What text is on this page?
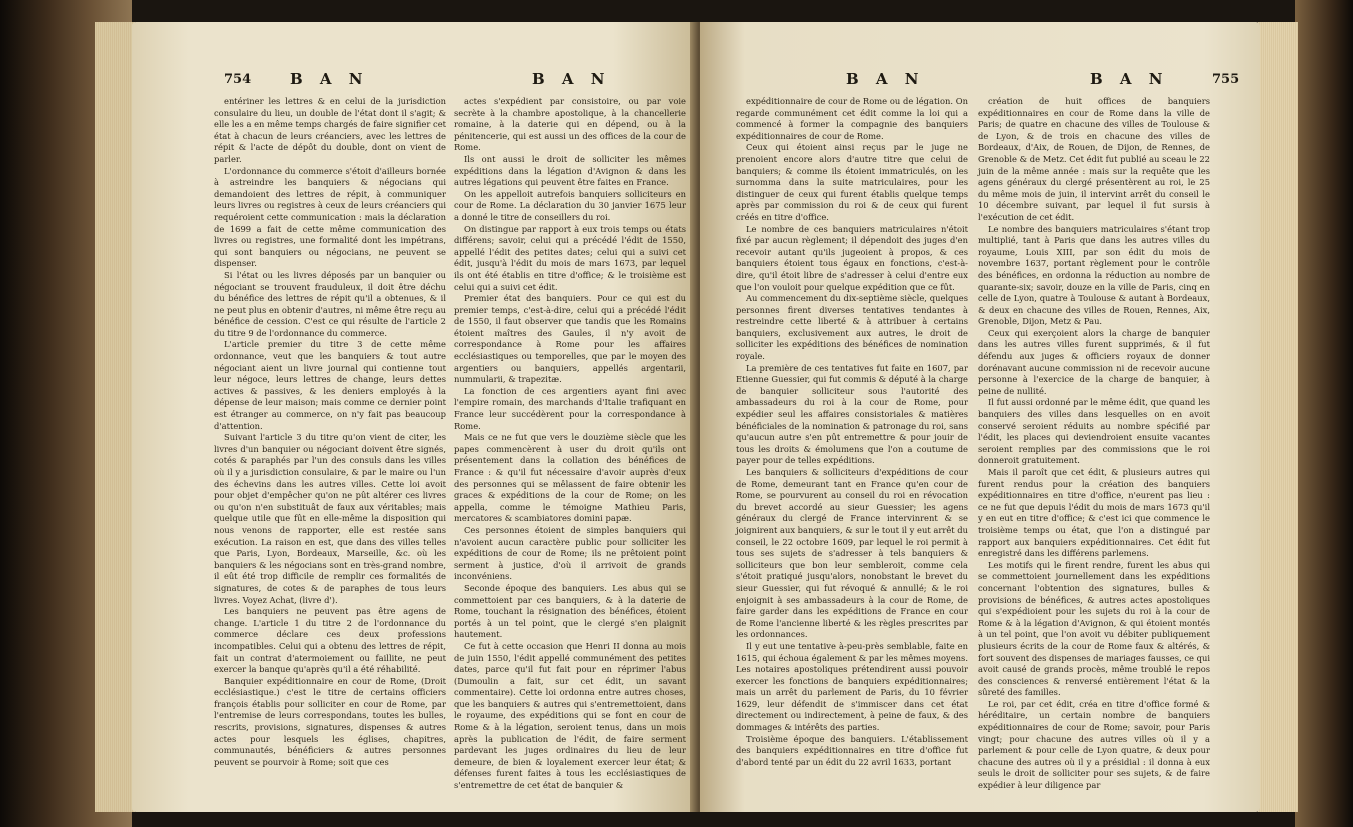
754	B A N	B A N

entériner les lettres & en celui de la jurisdiction consulaire du lieu, un double de l'état dont il s'agit; & elle les a en même temps chargés de faire signifier cet état à chacun de leurs créanciers, avec les lettres de répit & l'acte de dépôt du double, dont on vient de parler.

L'ordonnance du commerce s'étoit d'ailleurs bornée à astreindre les banquiers & négocians qui demandoient des lettres de répit, à communiquer leurs livres ou registres à ceux de leurs créanciers qui requéroient cette communication : mais la déclaration de 1699 a fait de cette même communication des livres ou registres, une formalité dont les impétrans, qui sont banquiers ou négocians, ne peuvent se dispenser.

Si l'état ou les livres déposés par un banquier ou négociant se trouvent frauduleux, il doit être déchu du bénéfice des lettres de répit qu'il a obtenues, & il ne peut plus en obtenir d'autres, ni même être reçu au bénéfice de cession. C'est ce qui résulte de l'article 2 du titre 9 de l'ordonnance du commerce.

L'article premier du titre 3 de cette même ordonnance, veut que les banquiers & tout autre négociant aient un livre journal qui contienne tout leur négoce, leurs lettres de change, leurs dettes actives & passives, & les deniers employés à la dépense de leur maison; mais comme ce dernier point est étranger au commerce, on n'y fait pas beaucoup d'attention.

Suivant l'article 3 du titre qu'on vient de citer, les livres d'un banquier ou négociant doivent être signés, cotés & paraphés par l'un des consuls dans les villes où il y a jurisdiction consulaire, & par le maire ou l'un des échevins dans les autres villes. Cette loi avoit pour objet d'empêcher qu'on ne pût altérer ces livres ou qu'on n'en substituât de faux aux véritables; mais quelque utile que fût en elle-même la disposition qui nous venons de rapporter, elle est restée sans exécution. La raison en est, que dans des villes telles que Paris, Lyon, Bordeaux, Marseille, &c. où les banquiers & les négocians sont en très-grand nombre, il eût été trop difficile de remplir ces formalités de signatures, de cotes & de paraphes de tous leurs livres. Voyez Achat, (livre d').

Les banquiers ne peuvent pas être agens de change. L'article 1 du titre 2 de l'ordonnance du commerce déclare ces deux professions incompatibles. Celui qui a obtenu des lettres de répit, fait un contrat d'atermoiement ou faillite, ne peut exercer la banque qu'après qu'il a été réhabilité.

Banquier expéditionnaire en cour de Rome, (Droit ecclésiastique.) c'est le titre de certains officiers françois établis pour solliciter en cour de Rome, par l'entremise de leurs correspondans, toutes les bulles, rescrits, provisions, signatures, dispenses & autres actes pour lesquels les églises, chapitres, communautés, bénéficiers & autres personnes peuvent se pourvoir à Rome; soit que ces

actes s'expédient par consistoire, ou par voie secrète à la chambre apostolique, à la chancellerie romaine, à la daterie qui en dépend, ou à la pénitencerie, qui est aussi un des offices de la cour de Rome.

Ils ont aussi le droit de solliciter les mêmes expéditions dans la légation d'Avignon & dans les autres légations qui peuvent être faites en France.

On les appelloit autrefois banquiers solliciteurs en cour de Rome. La déclaration du 30 janvier 1675 leur a donné le titre de conseillers du roi.

On distingue par rapport à eux trois temps ou états différens; savoir, celui qui a précédé l'édit de 1550, appellé l'édit des petites dates; celui qui a suivi cet édit, jusqu'à l'édit du mois de mars 1673, par lequel ils ont été établis en titre d'office; & le troisième est celui qui a suivi cet édit.

Premier état des banquiers. Pour ce qui est du premier temps, c'est-à-dire, celui qui a précédé l'édit de 1550, il faut observer que tandis que les Romains étoient maîtres des Gaules, il n'y avoit de correspondance à Rome pour les affaires ecclésiastiques ou temporelles, que par le moyen des argentiers ou banquiers, appellés argentarii, nummularii, & trapezitæ.

La fonction de ces argentiers ayant fini avec l'empire romain, des marchands d'Italie trafiquant en France leur succédèrent pour la correspondance à Rome.

Mais ce ne fut que vers le douzième siècle que les papes commencèrent à user du droit qu'ils ont présentement dans la collation des bénéfices de France : & qu'il fut nécessaire d'avoir auprès d'eux des personnes qui se mêlassent de faire obtenir les graces & expéditions de la cour de Rome; on les appella, comme le témoigne Mathieu Paris, mercatores & scambiatores domini papæ.

Ces personnes étoient de simples banquiers qui n'avoient aucun caractère public pour solliciter les expéditions de cour de Rome; ils ne prêtoient point serment à justice, d'où il arrivoit de grands inconvéniens.

Seconde époque des banquiers. Les abus qui se commettoient par ces banquiers, & à la daterie de Rome, touchant la résignation des bénéfices, étoient portés à un tel point, que le clergé s'en plaignit hautement.

Ce fut à cette occasion que Henri II donna au mois de juin 1550, l'édit appellé communément des petites dates, parce qu'il fut fait pour en réprimer l'abus (Dumoulin a fait, sur cet édit, un savant commentaire). Cette loi ordonna entre autres choses, que les banquiers & autres qui s'entremettoient, dans le royaume, des expéditions qui se font en cour de Rome & à la légation, seroient tenus, dans un mois après la publication de l'édit, de faire serment pardevant les juges ordinaires du lieu de leur demeure, de bien & loyalement exercer leur état; & défenses furent faites à tous les ecclésiastiques de s'entremettre de cet état de banquier &

B A N	B A N	755

expéditionnaire de cour de Rome ou de légation. On regarde communément cet édit comme la loi qui a commencé à former la compagnie des banquiers expéditionnaires de cour de Rome.

Ceux qui étoient ainsi reçus par le juge ne prenoient encore alors d'autre titre que celui de banquiers; & comme ils étoient immatriculés, on les surnomma dans la suite matriculaires, pour les distinguer de ceux qui furent établis quelque temps après par commission du roi & de ceux qui furent créés en titre d'office.

Le nombre de ces banquiers matriculaires n'étoit fixé par aucun règlement; il dépendoit des juges d'en recevoir autant qu'ils jugeoient à propos, & ces banquiers étoient tous égaux en fonctions, c'est-à-dire, qu'il étoit libre de s'adresser à celui d'entre eux que l'on vouloit pour quelque expédition que ce fût.

Au commencement du dix-septième siècle, quelques personnes firent diverses tentatives tendantes à restreindre cette liberté & à attribuer à certains banquiers, exclusivement aux autres, le droit de solliciter les expéditions des bénéfices de nomination royale.

La première de ces tentatives fut faite en 1607, par Etienne Guessier, qui fut commis & député à la charge de banquier solliciteur sous l'autorité des ambassadeurs du roi à la cour de Rome, pour expédier seul les affaires consistoriales & matières bénéficiales de la nomination & patronage du roi, sans qu'aucun autre s'en pût entremettre & pour jouir de tous les droits & émolumens que l'on a coutume de payer pour de telles expéditions.

Les banquiers & solliciteurs d'expéditions de cour de Rome, demeurant tant en France qu'en cour de Rome, se pourvurent au conseil du roi en révocation du brevet accordé au sieur Guessier; les agens généraux du clergé de France intervinrent & se joignirent aux banquiers, & sur le tout il y eut arrêt du conseil, le 22 octobre 1609, par lequel le roi permit à tous ses sujets de s'adresser à tels banquiers & solliciteurs que bon leur sembleroit, comme cela s'étoit pratiqué jusqu'alors, nonobstant le brevet du sieur Guessier, qui fut révoqué & annullé; & le roi enjoignit à ses ambassadeurs à la cour de Rome, de faire garder dans les expéditions de France en cour de Rome l'ancienne liberté & les règles prescrites par les ordonnances.

Il y eut une tentative à-peu-près semblable, faite en 1615, qui échoua également & par les mêmes moyens. Les notaires apostoliques prétendirent aussi pouvoir exercer les fonctions de banquiers expéditionnaires; mais un arrêt du parlement de Paris, du 10 février 1629, leur défendit de s'immiscer dans cet état directement ou indirectement, à peine de faux, & des dommages & intérêts des parties.

Troisième époque des banquiers. L'établissement des banquiers expéditionnaires en titre d'office fut d'abord tenté par un édit du 22 avril 1633, portant

création de huit offices de banquiers expéditionnaires en cour de Rome dans la ville de Paris; de quatre en chacune des villes de Toulouse & de Lyon, & de trois en chacune des villes de Bordeaux, d'Aix, de Rouen, de Dijon, de Rennes, de Grenoble & de Metz. Cet édit fut publié au sceau le 22 juin de la même année : mais sur la requête que les agens généraux du clergé présentèrent au roi, le 25 du même mois de juin, il intervint arrêt du conseil le 10 décembre suivant, par lequel il fut sursis à l'exécution de cet édit.

Le nombre des banquiers matriculaires s'étant trop multiplié, tant à Paris que dans les autres villes du royaume, Louis XIII, par son édit du mois de novembre 1637, portant règlement pour le contrôle des bénéfices, en ordonna la réduction au nombre de quarante-six; savoir, douze en la ville de Paris, cinq en celle de Lyon, quatre à Toulouse & autant à Bordeaux, & deux en chacune des villes de Rouen, Rennes, Aix, Grenoble, Dijon, Metz & Pau.

Ceux qui exerçoient alors la charge de banquier dans les autres villes furent supprimés, & il fut défendu aux juges & officiers royaux de donner dorénavant aucune commission ni de recevoir aucune personne à l'exercice de la charge de banquier, à peine de nullité.

Il fut aussi ordonné par le même édit, que quand les banquiers des villes dans lesquelles on en avoit conservé seroient réduits au nombre spécifié par l'édit, les places qui deviendroient ensuite vacantes seroient remplies par des commissions que le roi donneroit gratuitement.

Mais il paroît que cet édit, & plusieurs autres qui furent rendus pour la création des banquiers expéditionnaires en titre d'office, n'eurent pas lieu : ce ne fut que depuis l'édit du mois de mars 1673 qu'il y en eut en titre d'office; & c'est ici que commence le troisième temps ou état, que l'on a distingué par rapport aux banquiers expéditionnaires. Cet édit fut enregistré dans les différens parlemens.

Les motifs qui le firent rendre, furent les abus qui se commettoient journellement dans les expéditions concernant l'obtention des signatures, bulles & provisions de bénéfices, & autres actes apostoliques qui s'expédioient pour les sujets du roi à la cour de Rome & à la légation d'Avignon, & qui étoient montés à un tel point, que l'on avoit vu débiter publiquement plusieurs écrits de la cour de Rome faux & altérés, & fort souvent des dispenses de mariages fausses, ce qui avoit causé de grands procès, même troublé le repos des consciences & renversé entièrement l'état & la sûreté des familles.

Le roi, par cet édit, créa en titre d'office formé & héréditaire, un certain nombre de banquiers expéditionnaires de cour de Rome; savoir, pour Paris vingt; pour chacune des autres villes où il y a parlement & pour celle de Lyon quatre, & deux pour chacune des autres où il y a présidial : il donna à eux seuls le droit de solliciter pour ses sujets, & de faire expédier à leur diligence par
